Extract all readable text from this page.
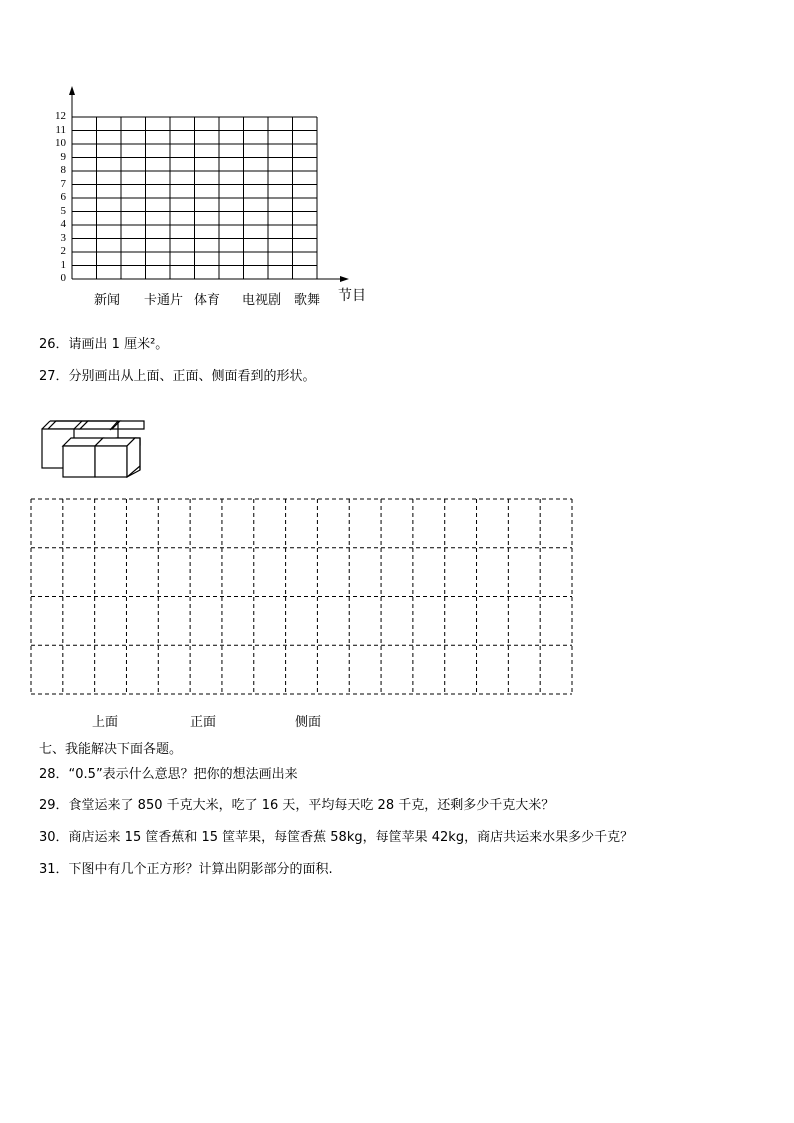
0
1
2
3
4
5
6
7
8
9
10
11
12
新闻 卡通片 体育 电视剧 歌舞 节目
26．请画出 1 厘米²。
27．分别画出从上面、正面、侧面看到的形状。
上面	正面	侧面
七、我能解决下面各题。
28．“0.5”表示什么意思？把你的想法画出来
29．食堂运来了 850 千克大米，吃了 16 天，平均每天吃 28 千克，还剩多少千克大米？
30．商店运来 15 筐香蕉和 15 筐苹果，每筐香蕉 58kg，每筐苹果 42kg，商店共运来水果多少千克？
31．下图中有几个正方形？计算出阴影部分的面积.
